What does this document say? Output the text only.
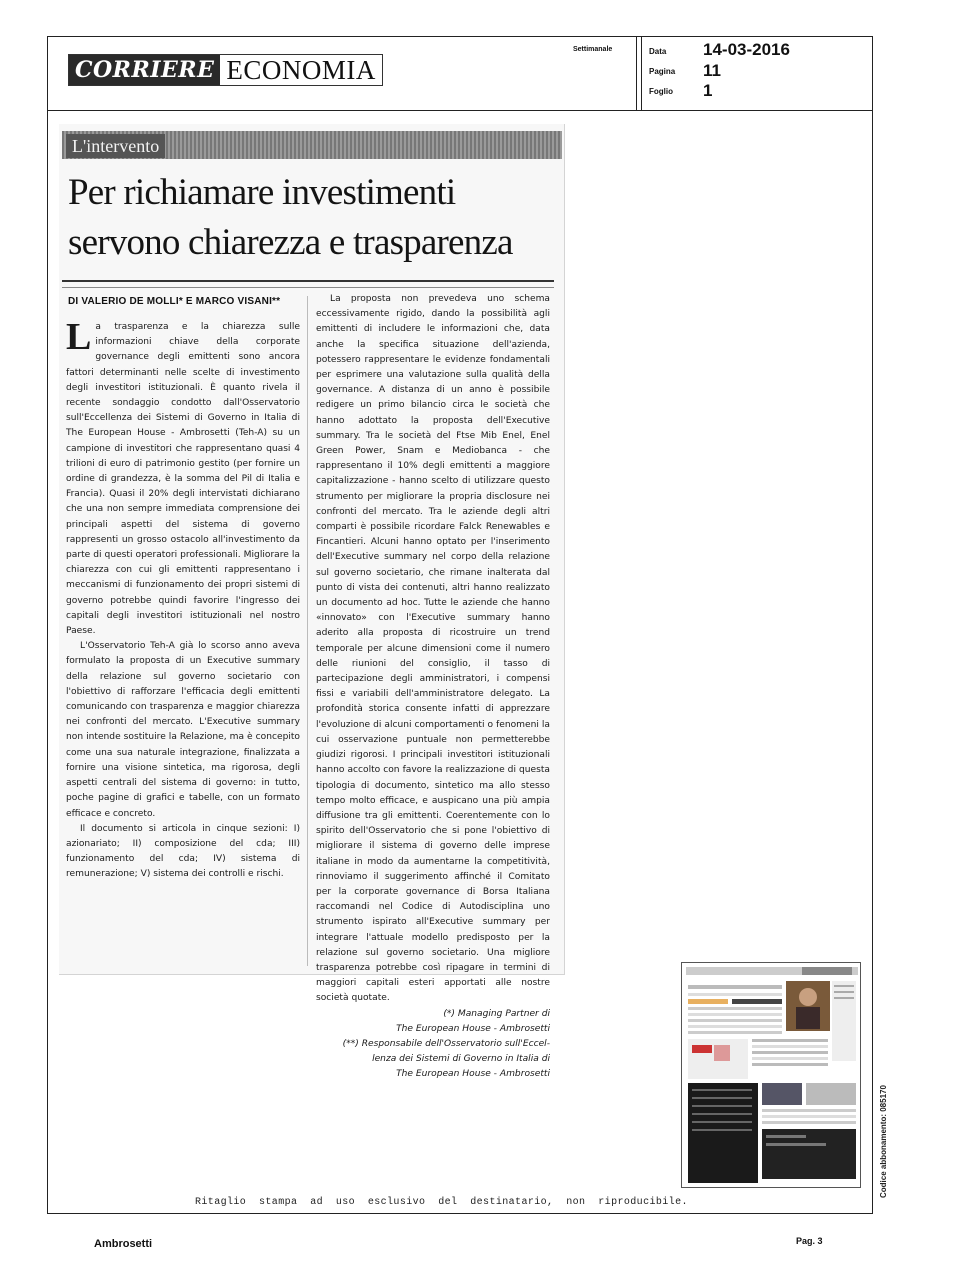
CORRIERE ECONOMIA
Settimanale	Data 14-03-2016
Pagina 11
Foglio 1
L'intervento
Per richiamare investimenti
servono chiarezza e trasparenza
DI VALERIO DE MOLLI* E MARCO VISANI**

La trasparenza e la chiarezza sulle informazioni chiave della corporate governance degli emittenti sono ancora fattori determinanti nelle scelte di investimento degli investitori istituzionali. È quanto rivela il recente sondaggio condotto dall'Osservatorio sull'Eccellenza dei Sistemi di Governo in Italia di The European House - Ambrosetti (Teh-A) su un campione di investitori che rappresentano quasi 4 trilioni di euro di patrimonio gestito (per fornire un ordine di grandezza, è la somma del Pil di Italia e Francia). Quasi il 20% degli intervistati dichiarano che una non sempre immediata comprensione dei principali aspetti del sistema di governo rappresenti un grosso ostacolo all'investimento da parte di questi operatori professionali. Migliorare la chiarezza con cui gli emittenti rappresentano i meccanismi di funzionamento dei propri sistemi di governo potrebbe quindi favorire l'ingresso dei capitali degli investitori istituzionali nel nostro Paese.

L'Osservatorio Teh-A già lo scorso anno aveva formulato la proposta di un Executive summary della relazione sul governo societario con l'obiettivo di rafforzare l'efficacia degli emittenti comunicando con trasparenza e maggior chiarezza nei confronti del mercato. L'Executive summary non intende sostituire la Relazione, ma è concepito come una sua naturale integrazione, finalizzata a fornire una visione sintetica, ma rigorosa, degli aspetti centrali del sistema di governo: in tutto, poche pagine di grafici e tabelle, con un formato efficace e concreto.

Il documento si articola in cinque sezioni: I) azionariato; II) composizione del cda; III) funzionamento del cda; IV) sistema di remunerazione; V) sistema dei controlli e rischi.

La proposta non prevedeva uno schema eccessivamente rigido, dando la possibilità agli emittenti di includere le informazioni che, data anche la specifica situazione dell'azienda, potessero rappresentare le evidenze fondamentali per esprimere una valutazione sulla qualità della governance. A distanza di un anno è possibile redigere un primo bilancio circa le società che hanno adottato la proposta dell'Executive summary. Tra le società del Ftse Mib Enel, Enel Green Power, Snam e Mediobanca - che rappresentano il 10% degli emittenti a maggiore capitalizzazione - hanno scelto di utilizzare questo strumento per migliorare la propria disclosure nei confronti del mercato. Tra le aziende degli altri comparti è possibile ricordare Falck Renewables e Fincantieri. Alcuni hanno optato per l'inserimento dell'Executive summary nel corpo della relazione sul governo societario, che rimane inalterata dal punto di vista dei contenuti, altri hanno realizzato un documento ad hoc. Tutte le aziende che hanno «innovato» con l'Executive summary hanno aderito alla proposta di ricostruire un trend temporale per alcune dimensioni come il numero delle riunioni del consiglio, il tasso di partecipazione degli amministratori, i compensi fissi e variabili dell'amministratore delegato. La profondità storica consente infatti di apprezzare l'evoluzione di alcuni comportamenti o fenomeni la cui osservazione puntuale non permetterebbe giudizi rigorosi. I principali investitori istituzionali hanno accolto con favore la realizzazione di questa tipologia di documento, sintetico ma allo stesso tempo molto efficace, e auspicano una più ampia diffusione tra gli emittenti. Coerentemente con lo spirito dell'Osservatorio che si pone l'obiettivo di migliorare il sistema di governo delle imprese italiane in modo da aumentarne la competitività, rinnoviamo il suggerimento affinché il Comitato per la corporate governance di Borsa Italiana raccomandi nel Codice di Autodisciplina uno strumento ispirato all'Executive summary per integrare l'attuale modello predisposto per la relazione sul governo societario. Una migliore trasparenza potrebbe così ripagare in termini di maggiori capitali esteri apportati alle nostre società quotate.

(*) Managing Partner di

The European House - Ambrosetti

(**) Responsabile dell'Osservatorio sull'Eccel-

lenza dei Sistemi di Governo in Italia di

The European House - Ambrosetti

Ritaglio  stampa  ad  uso  esclusivo  del  destinatario,  non  riproducibile.
Codice abbonamento: 085170
Ambrosetti	Pag. 3
